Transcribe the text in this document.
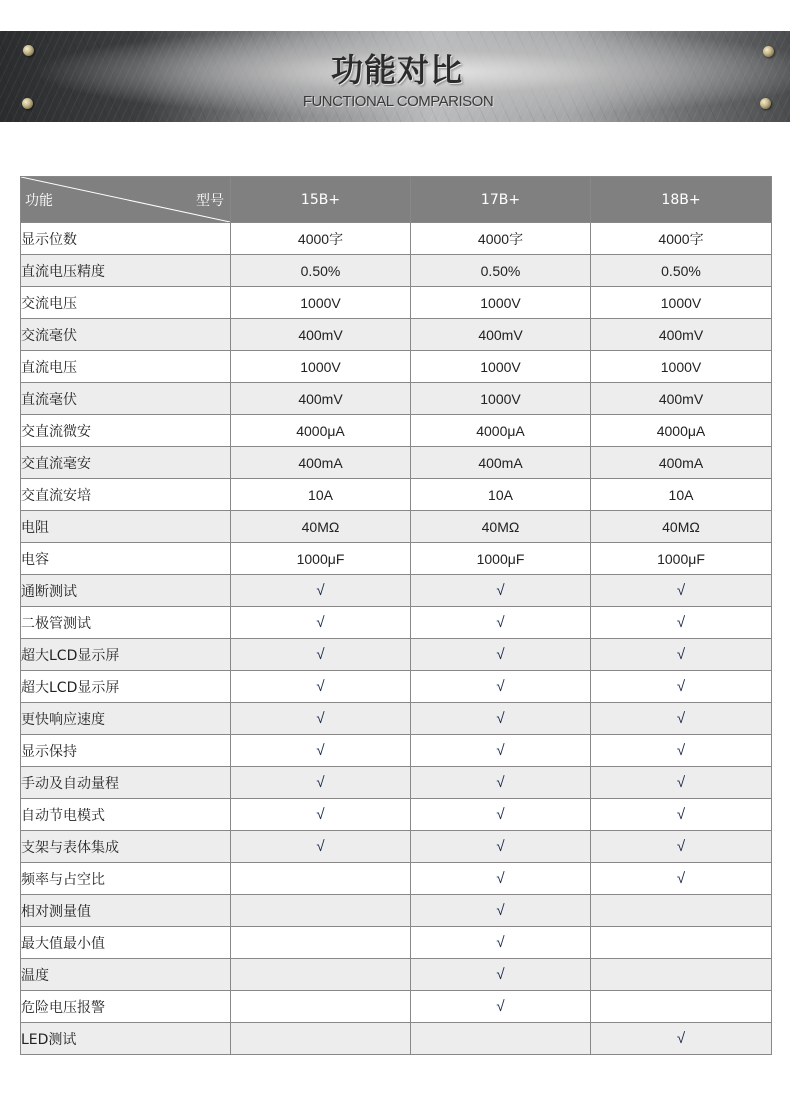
功能对比
FUNCTIONAL COMPARISON
功能 型号	15B+	17B+	18B+
显示位数	4000字	4000字	4000字
直流电压精度	0.50%	0.50%	0.50%
交流电压	1000V	1000V	1000V
交流毫伏	400mV	400mV	400mV
直流电压	1000V	1000V	1000V
直流毫伏	400mV	1000V	400mV
交直流微安	4000μA	4000μA	4000μA
交直流毫安	400mA	400mA	400mA
交直流安培	10A	10A	10A
电阻	40MΩ	40MΩ	40MΩ
电容	1000μF	1000μF	1000μF
通断测试	√	√	√
二极管测试	√	√	√
超大LCD显示屏	√	√	√
超大LCD显示屏	√	√	√
更快响应速度	√	√	√
显示保持	√	√	√
手动及自动量程	√	√	√
自动节电模式	√	√	√
支架与表体集成	√	√	√
频率与占空比		√	√
相对测量值		√	
最大值最小值		√	
温度		√	
危险电压报警		√	
LED测试			√
